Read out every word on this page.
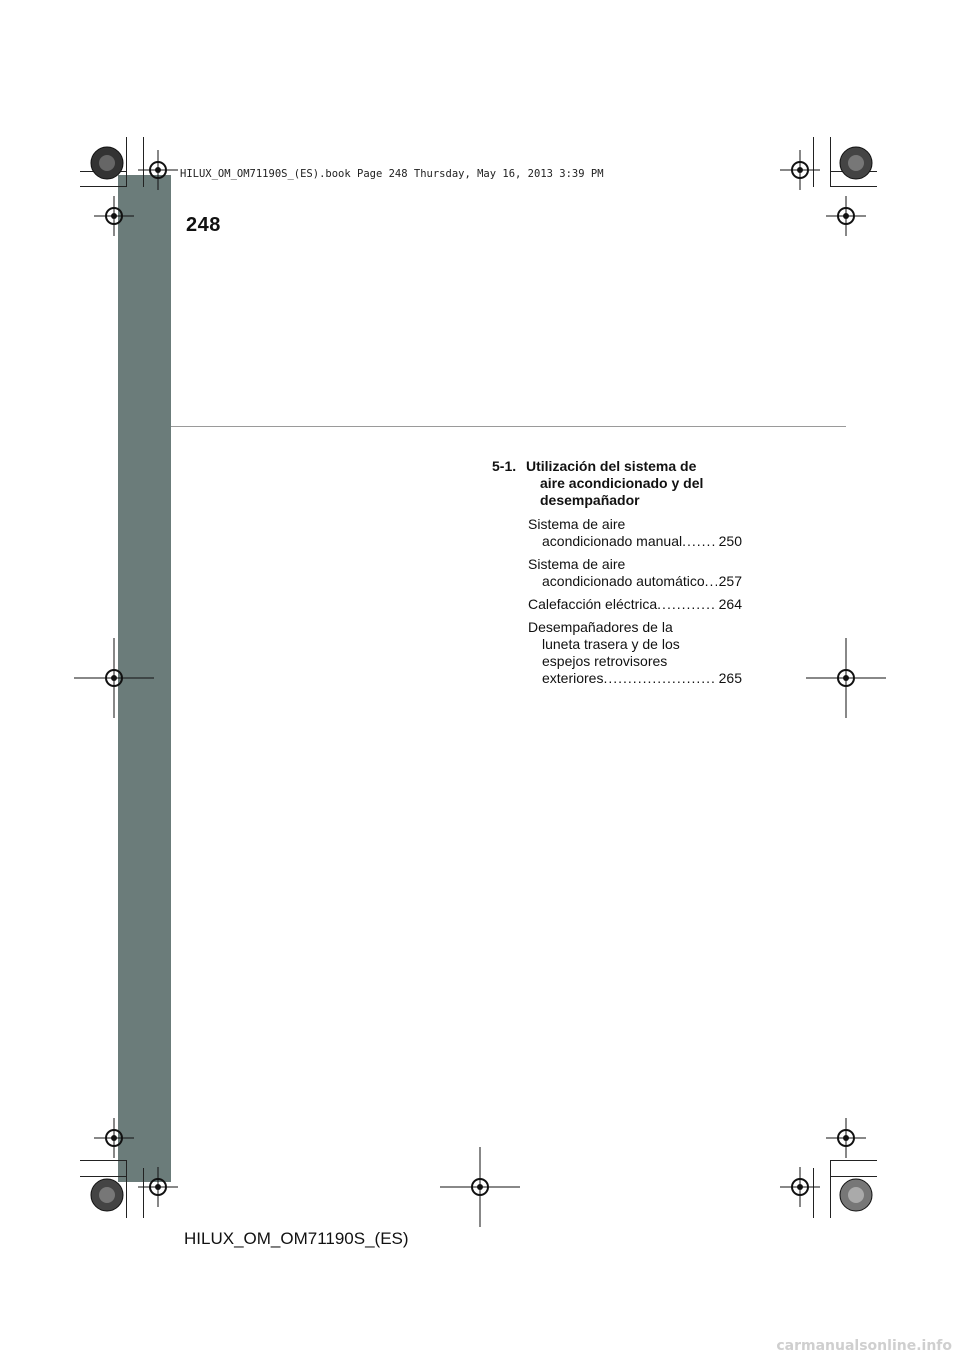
HILUX_OM_OM71190S_(ES).book Page 248 Thursday, May 16, 2013 3:39 PM
248
5-1. Utilización del sistema de
aire acondicionado y del
desempañador
Sistema de aire
acondicionado manual .....	250
Sistema de aire
acondicionado automático ..... 257
Calefacción eléctrica .....	264
Desempañadores de la
luneta trasera y de los
espejos retrovisores
exteriores .....	265
HILUX_OM_OM71190S_(ES)
carmanualsonline.info
